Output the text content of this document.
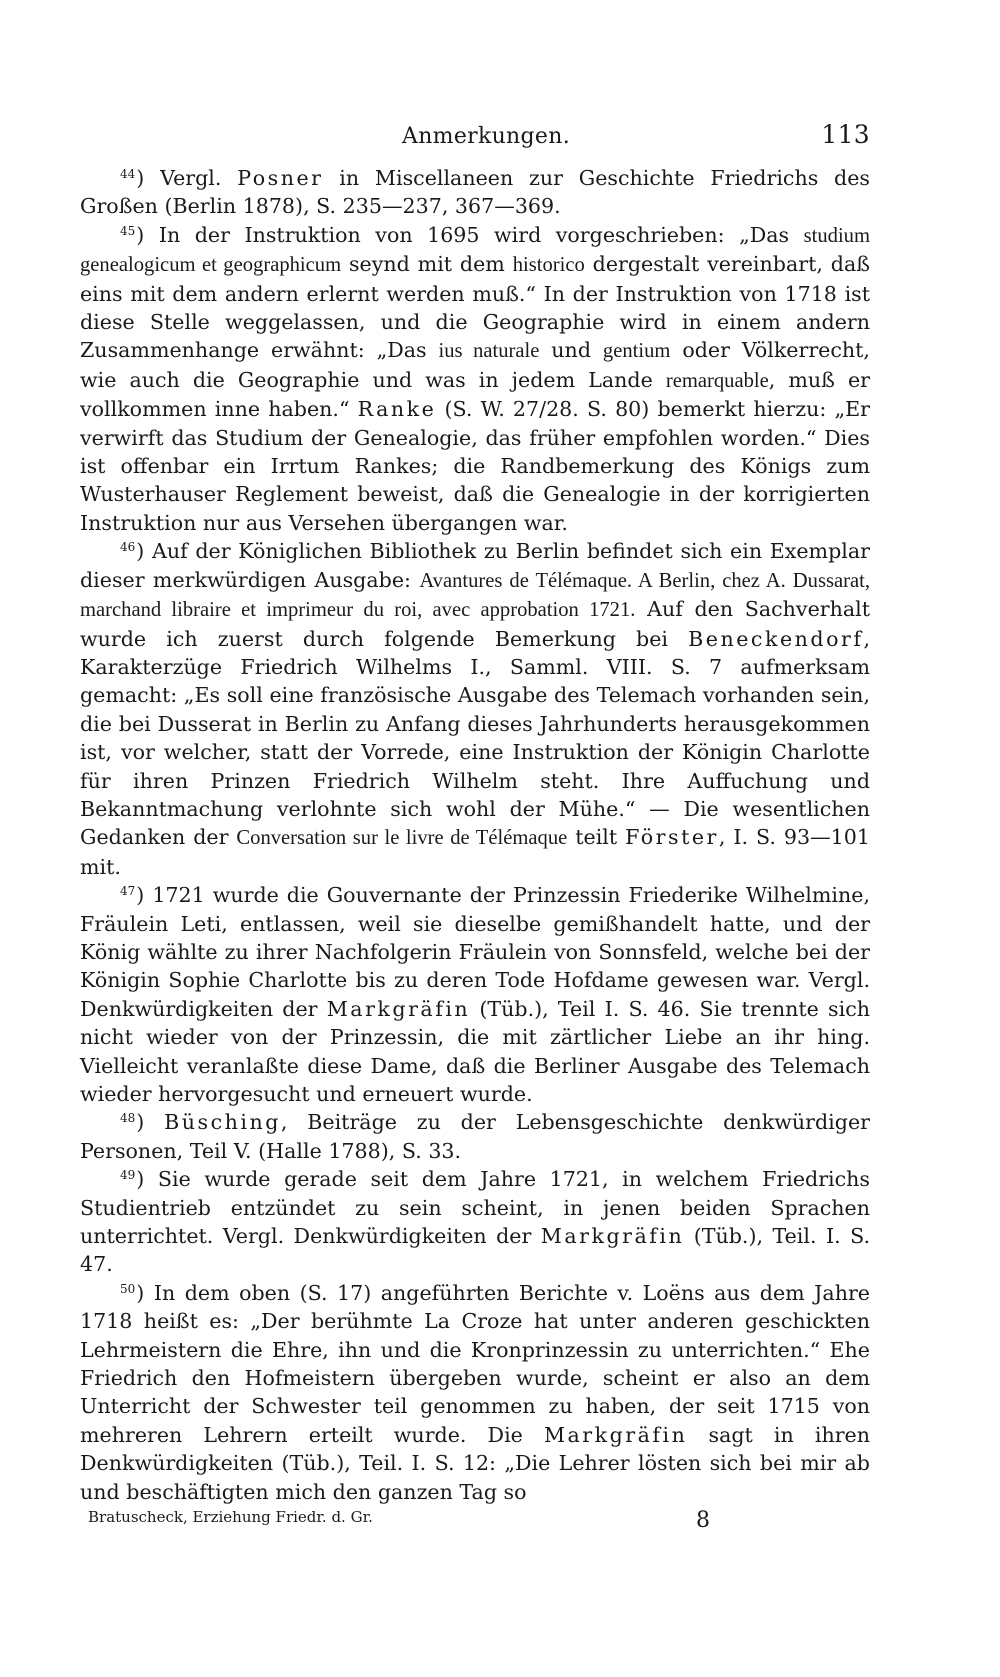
Anmerkungen.	113

$^{44}$) Vergl. Posner in Miscellaneen zur Geschichte Friedrichs des Großen (Berlin 1878), S. 235—237, 367—369.

$^{45}$) In der Instruktion von 1695 wird vorgeschrieben: „Das studium genealogicum et geographicum seynd mit dem historico dergestalt vereinbart, daß eins mit dem andern erlernt werden muß.“ In der Instruktion von 1718 ist diese Stelle weggelassen, und die Geographie wird in einem andern Zusammenhange erwähnt: „Das ius naturale und gentium oder Völkerrecht, wie auch die Geographie und was in jedem Lande remarquable, muß er vollkommen inne haben.“ Ranke (S. W. 27/28. S. 80) bemerkt hierzu: „Er verwirft das Studium der Genealogie, das früher empfohlen worden.“ Dies ist offenbar ein Irrtum Rankes; die Randbemerkung des Königs zum Wusterhauser Reglement beweist, daß die Genealogie in der korrigierten Instruktion nur aus Versehen übergangen war.

$^{46}$) Auf der Königlichen Bibliothek zu Berlin befindet sich ein Exemplar dieser merkwürdigen Ausgabe: Avantures de Télémaque. A Berlin, chez A. Dussarat, marchand libraire et imprimeur du roi, avec approbation 1721. Auf den Sachverhalt wurde ich zuerst durch folgende Bemerkung bei Beneckendorf, Karakterzüge Friedrich Wilhelms I., Samml. VIII. S. 7 aufmerksam gemacht: „Es soll eine französische Ausgabe des Telemach vorhanden sein, die bei Dusserat in Berlin zu Anfang dieses Jahrhunderts herausgekommen ist, vor welcher, statt der Vorrede, eine Instruktion der Königin Charlotte für ihren Prinzen Friedrich Wilhelm steht. Ihre Auffuchung und Bekanntmachung verlohnte sich wohl der Mühe.“ — Die wesentlichen Gedanken der Conversation sur le livre de Télémaque teilt Förster, I. S. 93—101 mit.

$^{47}$) 1721 wurde die Gouvernante der Prinzessin Friederike Wilhelmine, Fräulein Leti, entlassen, weil sie dieselbe gemißhandelt hatte, und der König wählte zu ihrer Nachfolgerin Fräulein von Sonnsfeld, welche bei der Königin Sophie Charlotte bis zu deren Tode Hofdame gewesen war. Vergl. Denkwürdigkeiten der Markgräfin (Tüb.), Teil I. S. 46. Sie trennte sich nicht wieder von der Prinzessin, die mit zärtlicher Liebe an ihr hing. Vielleicht veranlaßte diese Dame, daß die Berliner Ausgabe des Telemach wieder hervorgesucht und erneuert wurde.

$^{48}$) Büsching, Beiträge zu der Lebensgeschichte denkwürdiger Personen, Teil V. (Halle 1788), S. 33.

$^{49}$) Sie wurde gerade seit dem Jahre 1721, in welchem Friedrichs Studientrieb entzündet zu sein scheint, in jenen beiden Sprachen unterrichtet. Vergl. Denkwürdigkeiten der Markgräfin (Tüb.), Teil. I. S. 47.

$^{50}$) In dem oben (S. 17) angeführten Berichte v. Loëns aus dem Jahre 1718 heißt es: „Der berühmte La Croze hat unter anderen geschickten Lehrmeistern die Ehre, ihn und die Kronprinzessin zu unterrichten.“ Ehe Friedrich den Hofmeistern übergeben wurde, scheint er also an dem Unterricht der Schwester teil genommen zu haben, der seit 1715 von mehreren Lehrern erteilt wurde. Die Markgräfin sagt in ihren Denkwürdigkeiten (Tüb.), Teil. I. S. 12: „Die Lehrer lösten sich bei mir ab und beschäftigten mich den ganzen Tag so

Bratuscheck, Erziehung Friedr. d. Gr.	8
